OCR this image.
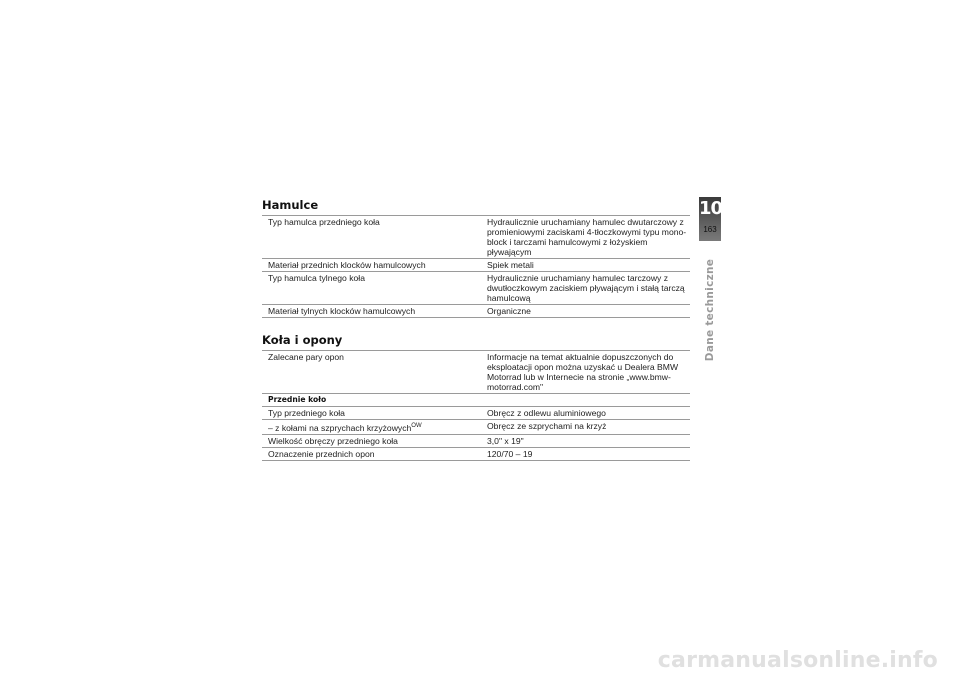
Hamulce
Typ hamulca przedniego koła	Hydraulicznie uruchamiany hamulec dwutarczowy z promieniowymi zaciskami 4-tłoczkowymi typu mono-block i tarczami hamulcowymi z łożyskiem pływającym
Materiał przednich klocków hamulcowych	Spiek metali
Typ hamulca tylnego koła	Hydraulicznie uruchamiany hamulec tarczowy z dwutłoczkowym zaciskiem pływającym i stałą tarczą hamulcową
Materiał tylnych klocków hamulcowych	Organiczne
Koła i opony
Zalecane pary opon	Informacje na temat aktualnie dopuszczonych do eksploatacji opon można uzyskać u Dealera BMW Motorrad lub w Internecie na stronie „www.bmw-motorrad.com"
Przednie koło	
Typ przedniego koła	Obręcz z odlewu aluminiowego
– z kołami na szprychach krzyżowych$^{OW}$	Obręcz ze szprychami na krzyż
Wielkość obręczy przedniego koła	3,0" x 19"
Oznaczenie przednich opon	120/70 – 19
10
163
Dane techniczne
carmanualsonline.info
